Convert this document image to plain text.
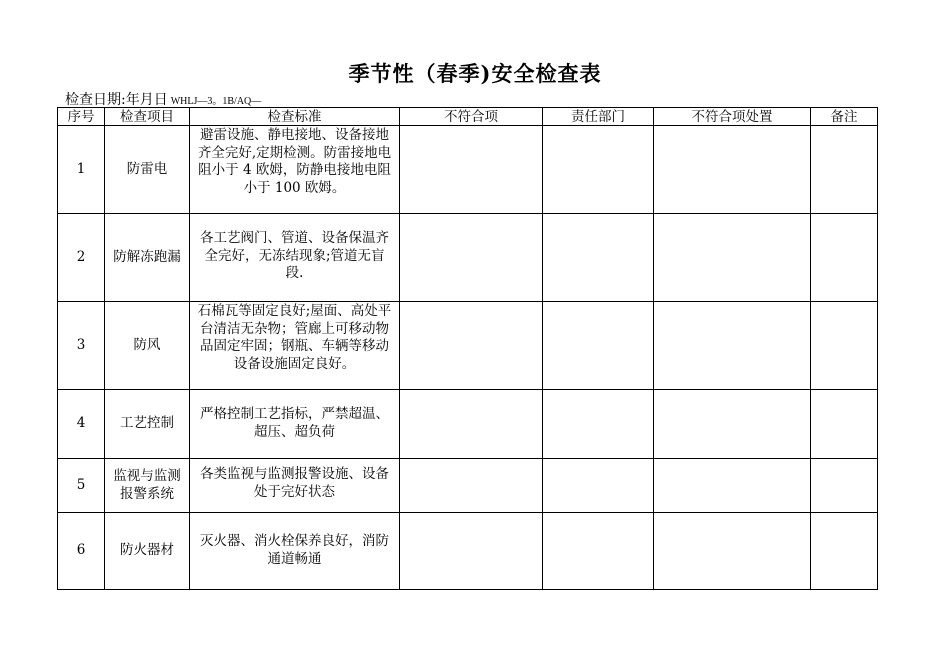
季节性（春季)安全检查表
检查日期:年月日 WHLJ—3。1B/AQ—
序号	检查项目	检查标准	不符合项	责任部门	不符合项处置	备注
1	防雷电	避雷设施、静电接地、设备接地齐全完好,定期检测。防雷接地电阻小于 4 欧姆，防静电接地电阻小于 100 欧姆。				
2	防解冻跑漏	各工艺阀门、管道、设备保温齐全完好，无冻结现象;管道无盲段.				
3	防风	石棉瓦等固定良好;屋面、高处平台清洁无杂物；管廊上可移动物品固定牢固；钢瓶、车辆等移动设备设施固定良好。				
4	工艺控制	严格控制工艺指标，严禁超温、超压、超负荷				
5	监视与监测报警系统	各类监视与监测报警设施、设备处于完好状态				
6	防火器材	灭火器、消火栓保养良好，消防通道畅通				
